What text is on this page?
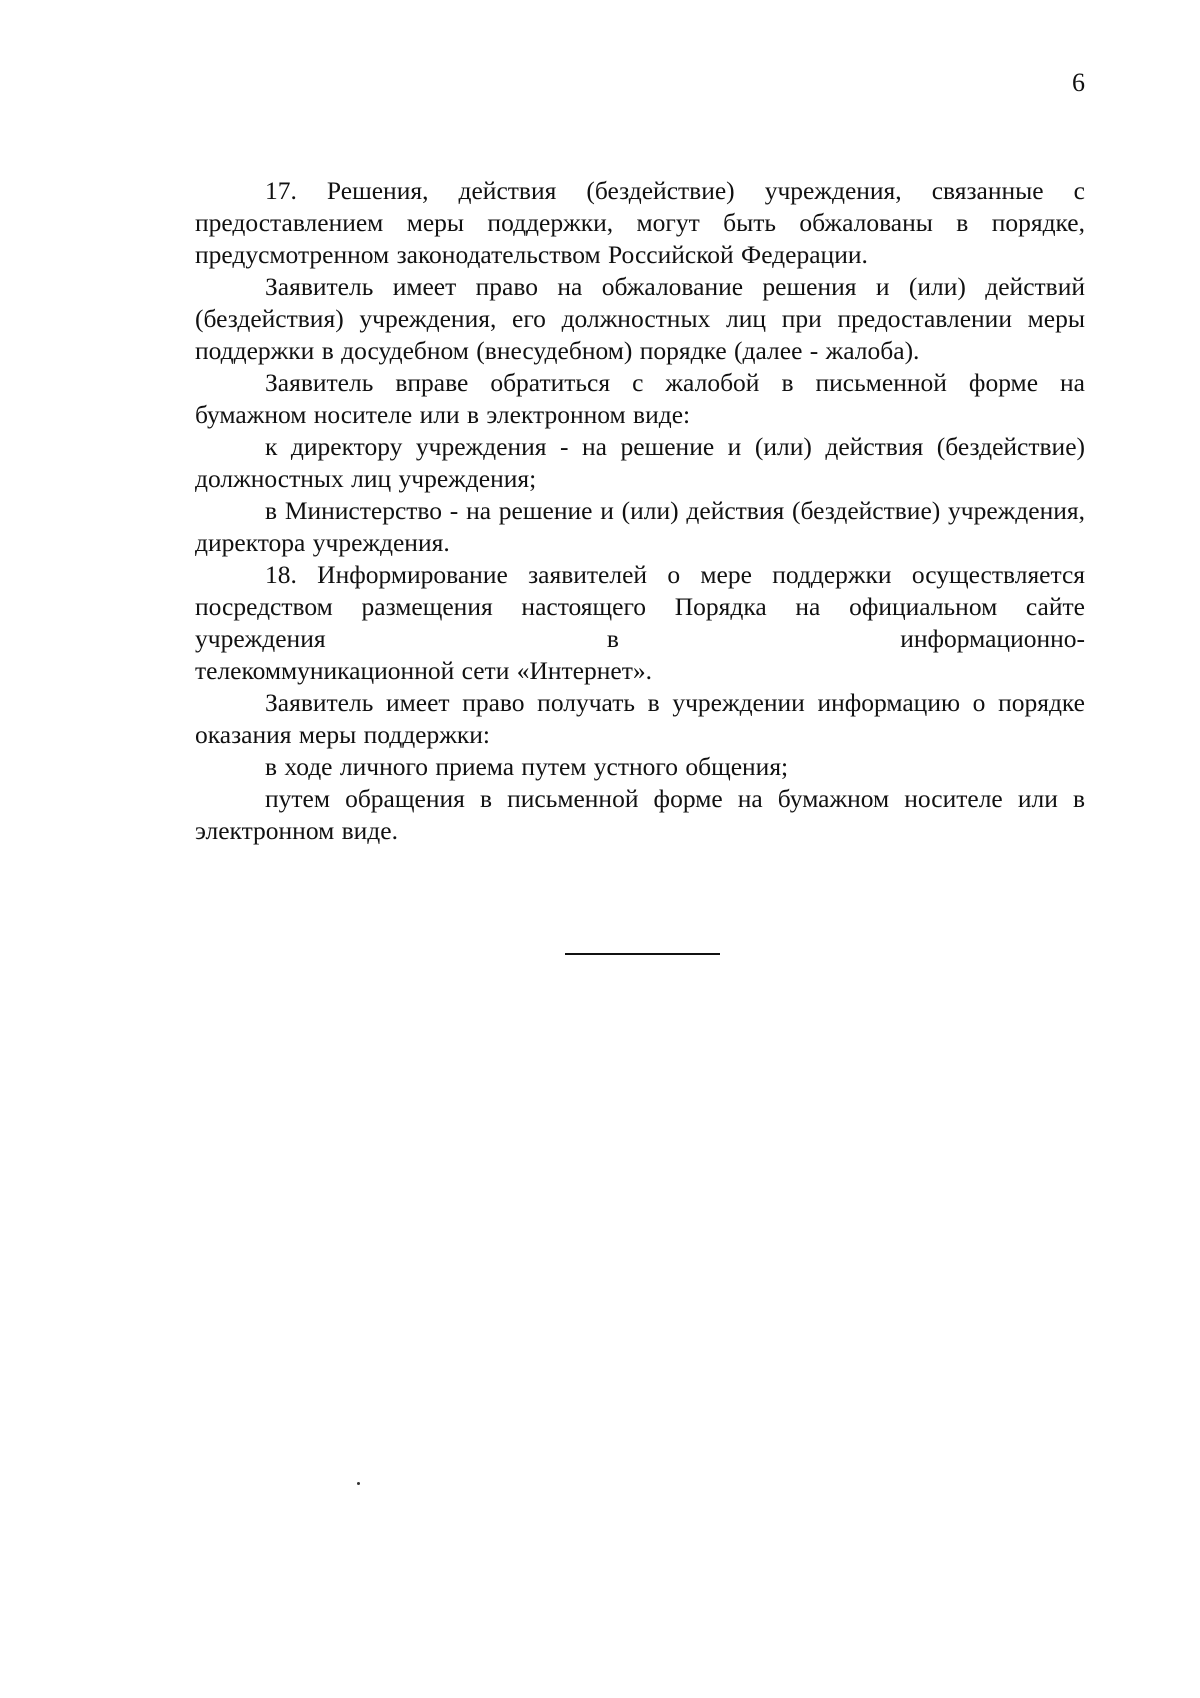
6

17. Решения, действия (бездействие) учреждения, связанные с предоставлением меры поддержки, могут быть обжалованы в порядке, предусмотренном законодательством Российской Федерации.

Заявитель имеет право на обжалование решения и (или) действий (бездействия) учреждения, его должностных лиц при предоставлении меры поддержки в досудебном (внесудебном) порядке (далее - жалоба).

Заявитель вправе обратиться с жалобой в письменной форме на бумажном носителе или в электронном виде:

к директору учреждения - на решение и (или) действия (бездействие) должностных лиц учреждения;

в Министерство - на решение и (или) действия (бездействие) учреждения, директора учреждения.

18. Информирование заявителей о мере поддержки осуществляется посредством размещения настоящего Порядка на официальном сайте учреждения в информационно-

телекоммуникационной сети «Интернет».

Заявитель имеет право получать в учреждении информацию о порядке оказания меры поддержки:

в ходе личного приема путем устного общения;

путем обращения в письменной форме на бумажном носителе или в электронном виде.
